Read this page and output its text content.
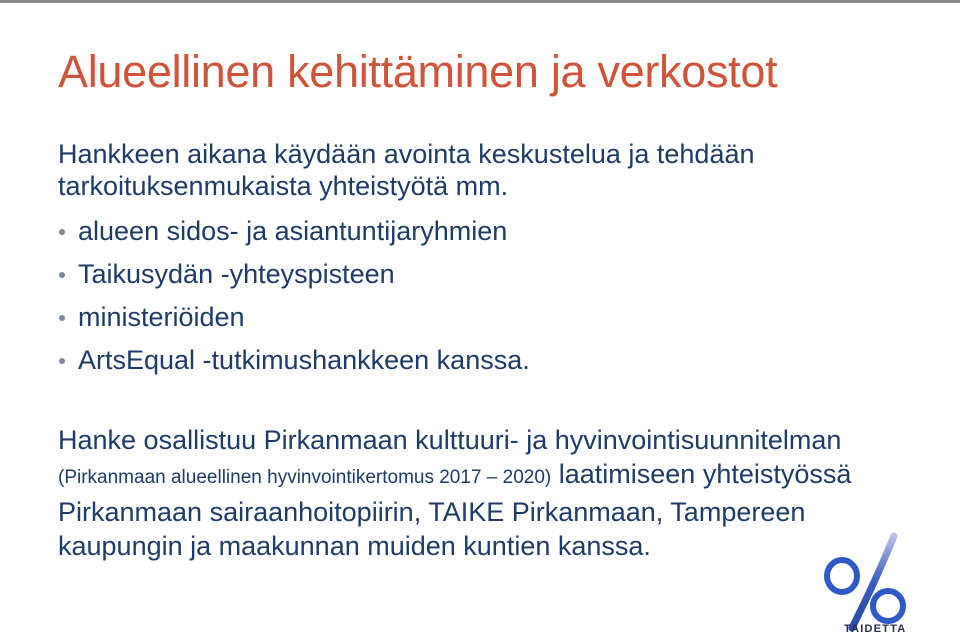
Alueellinen kehittäminen ja verkostot

Hankkeen aikana käydään avointa keskustelua ja tehdään tarkoituksenmukaista yhteistyötä mm.

alueen sidos- ja asiantuntijaryhmien
Taikusydän -yhteyspisteen
ministeriöiden
ArtsEqual -tutkimushankkeen kanssa.

Hanke osallistuu Pirkanmaan kulttuuri- ja hyvinvointisuunnitelman (Pirkanmaan alueellinen hyvinvointikertomus 2017 – 2020) laatimiseen yhteistyössä Pirkanmaan sairaanhoitopiirin, TAIKE Pirkanmaan, Tampereen kaupungin ja maakunnan muiden kuntien kanssa.

TAIDETTA
